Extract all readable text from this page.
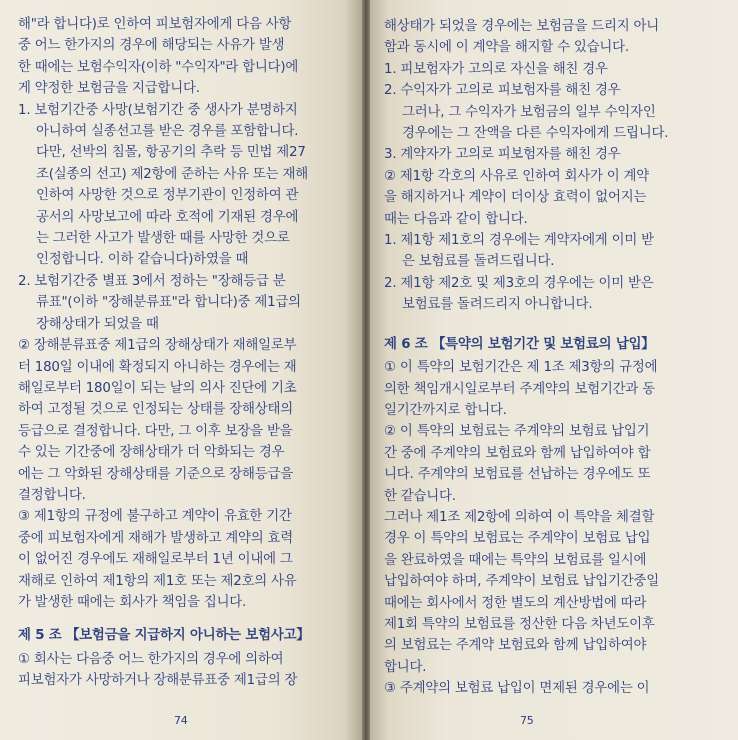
해"라 합니다)로 인하여 피보험자에게 다음 사항
중 어느 한가지의 경우에 해당되는 사유가 발생
한 때에는 보험수익자(이하 "수익자"라 합니다)에
게 약정한 보험금을 지급합니다.
1. 보험기간중 사망(보험기간 중 생사가 분명하지
아니하여 실종선고를 받은 경우를 포함합니다.
다만, 선박의 침몰, 항공기의 추락 등 민법 제27
조(실종의 선고) 제2항에 준하는 사유 또는 재해
인하여 사망한 것으로 정부기관이 인정하여 관
공서의 사망보고에 따라 호적에 기재된 경우에
는 그러한 사고가 발생한 때를 사망한 것으로
인정합니다. 이하 같습니다)하였을 때
2. 보험기간중 별표 3에서 정하는 "장해등급 분
류표"(이하 "장해분류표"라 합니다)중 제1급의
장해상태가 되었을 때
② 장해분류표중 제1급의 장해상태가 재해일로부
터 180일 이내에 확정되지 아니하는 경우에는 재
해일로부터 180일이 되는 날의 의사 진단에 기초
하여 고정될 것으로 인정되는 상태를 장해상태의
등급으로 결정합니다. 다만, 그 이후 보장을 받을
수 있는 기간중에 장해상태가 더 악화되는 경우
에는 그 악화된 장해상태를 기준으로 장해등급을
결정합니다.
③ 제1항의 규정에 불구하고 계약이 유효한 기간
중에 피보험자에게 재해가 발생하고 계약의 효력
이 없어진 경우에도 재해일로부터 1년 이내에 그
재해로 인하여 제1항의 제1호 또는 제2호의 사유
가 발생한 때에는 회사가 책임을 집니다.
제 5 조 【보험금을 지급하지 아니하는 보험사고】
① 회사는 다음중 어느 한가지의 경우에 의하여
피보험자가 사망하거나 장해분류표중 제1급의 장
74
해상태가 되었을 경우에는 보험금을 드리지 아니
함과 동시에 이 계약을 해지할 수 있습니다.
1. 피보험자가 고의로 자신을 해친 경우
2. 수익자가 고의로 피보험자를 해친 경우
그러나, 그 수익자가 보험금의 일부 수익자인
경우에는 그 잔액을 다른 수익자에게 드립니다.
3. 계약자가 고의로 피보험자를 해친 경우
② 제1항 각호의 사유로 인하여 회사가 이 계약
을 해지하거나 계약이 더이상 효력이 없어지는
때는 다음과 같이 합니다.
1. 제1항 제1호의 경우에는 계약자에게 이미 받
은 보험료를 돌려드립니다.
2. 제1항 제2호 및 제3호의 경우에는 이미 받은
보험료를 돌려드리지 아니합니다.
제 6 조 【특약의 보험기간 및 보험료의 납입】
① 이 특약의 보험기간은 제 1조 제3항의 규정에
의한 책임개시일로부터 주계약의 보험기간과 동
일기간까지로 합니다.
② 이 특약의 보험료는 주계약의 보험료 납입기
간 중에 주계약의 보험료와 함께 납입하여야 합
니다. 주계약의 보험료를 선납하는 경우에도 또
한 같습니다.
그러나 제1조 제2항에 의하여 이 특약을 체결할
경우 이 특약의 보험료는 주계약이 보험료 납입
을 완료하였을 때에는 특약의 보험료를 일시에
납입하여야 하며, 주계약이 보험료 납입기간중일
때에는 회사에서 정한 별도의 계산방법에 따라
제1회 특약의 보험료를 정산한 다음 차년도이후
의 보험료는 주계약 보험료와 함께 납입하여야
합니다.
③ 주계약의 보험료 납입이 면제된 경우에는 이
75
